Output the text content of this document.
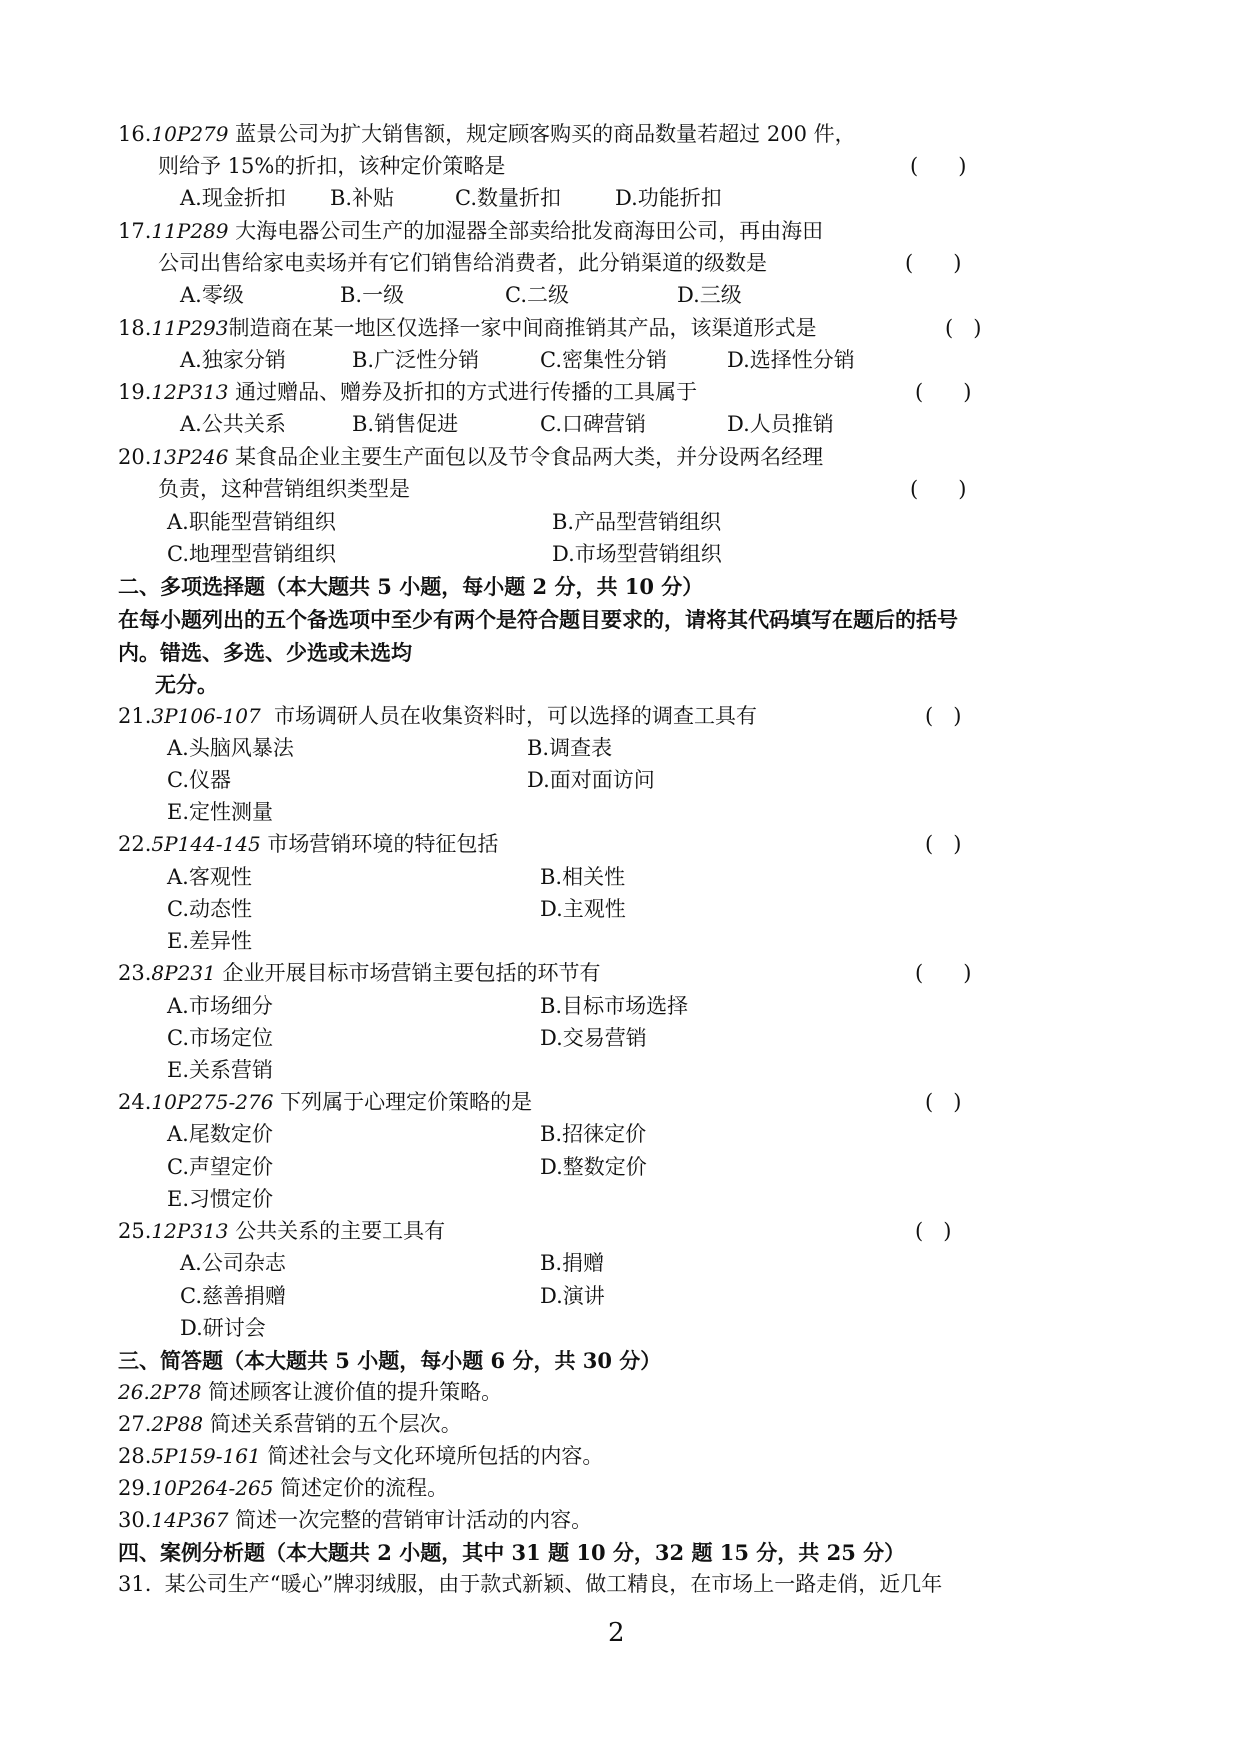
16.10P279 蓝景公司为扩大销售额，规定顾客购买的商品数量若超过 200 件，
则给予 15%的折扣，该种定价策略是	(      )
A.现金折扣 B.补贴	C.数量折扣	D.功能折扣
17.11P289 大海电器公司生产的加湿器全部卖给批发商海田公司，再由海田
公司出售给家电卖场并有它们销售给消费者，此分销渠道的级数是	(      )
A.零级	B.一级	C.二级	D.三级
18.11P293制造商在某一地区仅选择一家中间商推销其产品，该渠道形式是	(   )
A.独家分销	B.广泛性分销	C.密集性分销	D.选择性分销
19.12P313 通过赠品、赠券及折扣的方式进行传播的工具属于	(      )
A.公共关系	B.销售促进	C.口碑营销	D.人员推销
20.13P246 某食品企业主要生产面包以及节令食品两大类，并分设两名经理
负责，这种营销组织类型是	(      )
A.职能型营销组织	B.产品型营销组织
C.地理型营销组织	D.市场型营销组织
二、多项选择题（本大题共 5 小题，每小题 2 分，共 10 分）
在每小题列出的五个备选项中至少有两个是符合题目要求的，请将其代码填写在题后的括号
内。错选、多选、少选或未选均
无分。
21.3P106-107  市场调研人员在收集资料时，可以选择的调查工具有	(   )
A.头脑风暴法	B.调查表
C.仪器	D.面对面访问
E.定性测量
22.5P144-145 市场营销环境的特征包括	(   )
A.客观性	B.相关性
C.动态性	D.主观性
E.差异性
23.8P231 企业开展目标市场营销主要包括的环节有	(      )
A.市场细分	B.目标市场选择
C.市场定位	D.交易营销
E.关系营销
24.10P275-276 下列属于心理定价策略的是	(   )
A.尾数定价	B.招徕定价
C.声望定价	D.整数定价
E.习惯定价
25.12P313 公共关系的主要工具有	(   )
A.公司杂志	B.捐赠
C.慈善捐赠	D.演讲
D.研讨会
三、简答题（本大题共 5 小题，每小题 6 分，共 30 分）
26.2P78 简述顾客让渡价值的提升策略。
27.2P88 简述关系营销的五个层次。
28.5P159-161 简述社会与文化环境所包括的内容。
29.10P264-265 简述定价的流程。
30.14P367 简述一次完整的营销审计活动的内容。
四、案例分析题（本大题共 2 小题，其中 31 题 10 分，32 题 15 分，共 25 分）
31.  某公司生产“暖心”牌羽绒服，由于款式新颖、做工精良，在市场上一路走俏，近几年
2
